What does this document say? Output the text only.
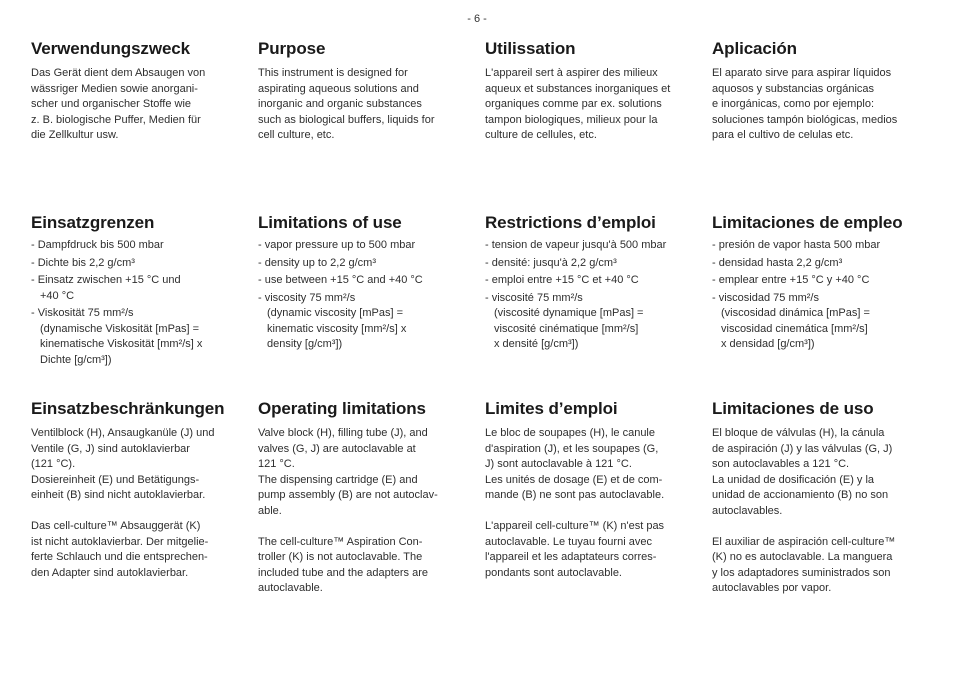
- 6 -
Verwendungszweck
Das Gerät dient dem Absaugen von
wässriger Medien sowie anorgani-
scher und organischer Stoffe wie
z. B. biologische Puffer, Medien für
die Zellkultur usw.
Purpose
This instrument is designed for
aspirating aqueous solutions and
inorganic and organic substances
such as biological buffers, liquids for
cell culture, etc.
Utilissation
L'appareil sert à aspirer des milieux
aqueux et substances inorganiques et
organiques comme par ex. solutions
tampon biologiques, milieux pour la
culture de cellules, etc.
Aplicación
El aparato sirve para aspirar líquidos
aquosos y substancias orgánicas
e inorgánicas, como por ejemplo:
soluciones tampón biológicas, medios
para el cultivo de celulas etc.
Einsatzgrenzen
- Dampfdruck bis 500 mbar
- Dichte bis 2,2 g/cm³
- Einsatz zwischen +15 °C und
+40 °C
- Viskosität 75 mm²/s
(dynamische Viskosität [mPas] =
kinematische Viskosität [mm²/s] x
Dichte [g/cm³])
Limitations of use
- vapor pressure up to 500 mbar
- density up to 2,2 g/cm³
- use between +15 °C and +40 °C
- viscosity 75 mm²/s
(dynamic viscosity [mPas] =
kinematic viscosity [mm²/s] x
density [g/cm³])
Restrictions d’emploi
- tension de vapeur jusqu'à 500 mbar
- densité: jusqu'à 2,2 g/cm³
- emploi entre +15 °C et +40 °C
- viscosité 75 mm²/s
(viscosité dynamique [mPas] =
viscosité cinématique [mm²/s]
x densité [g/cm³])
Limitaciones de empleo
- presión de vapor hasta 500 mbar
- densidad hasta 2,2 g/cm³
- emplear entre +15 °C y +40 °C
- viscosidad 75 mm²/s
(viscosidad dinámica [mPas] =
viscosidad cinemática [mm²/s]
x densidad [g/cm³])
Einsatzbeschränkungen
Ventilblock (H), Ansaugkanüle (J) und
Ventile (G, J) sind autoklavierbar
(121 °C).
Dosiereinheit (E) und Betätigungs-
einheit (B) sind nicht autoklavierbar.

Das cell-culture™ Absauggerät (K)
ist nicht autoklavierbar. Der mitgelie-
ferte Schlauch und die entsprechen-
den Adapter sind autoklavierbar.
Operating limitations
Valve block (H), filling tube (J), and
valves (G, J) are autoclavable at
121 °C.
The dispensing cartridge (E) and
pump assembly (B) are not autoclav-
able.

The cell-culture™ Aspiration Con-
troller (K) is not autoclavable. The
included tube and the adapters are
autoclavable.
Limites d’emploi
Le bloc de soupapes (H), le canule
d'aspiration (J), et les soupapes (G,
J) sont autoclavable à 121 °C.
Les unités de dosage (E) et de com-
mande (B) ne sont pas autoclavable.

L'appareil cell-culture™ (K) n'est pas
autoclavable. Le tuyau fourni avec
l'appareil et les adaptateurs corres-
pondants sont autoclavable.
Limitaciones de uso
El bloque de válvulas (H), la cánula
de aspiración (J) y las válvulas (G, J)
son autoclavables a 121 °C.
La unidad de dosificación (E) y la
unidad de accionamiento (B) no son
autoclavables.

El auxiliar de aspiración cell-culture™
(K) no es autoclavable. La manguera
y los adaptadores suministrados son
autoclavables por vapor.
